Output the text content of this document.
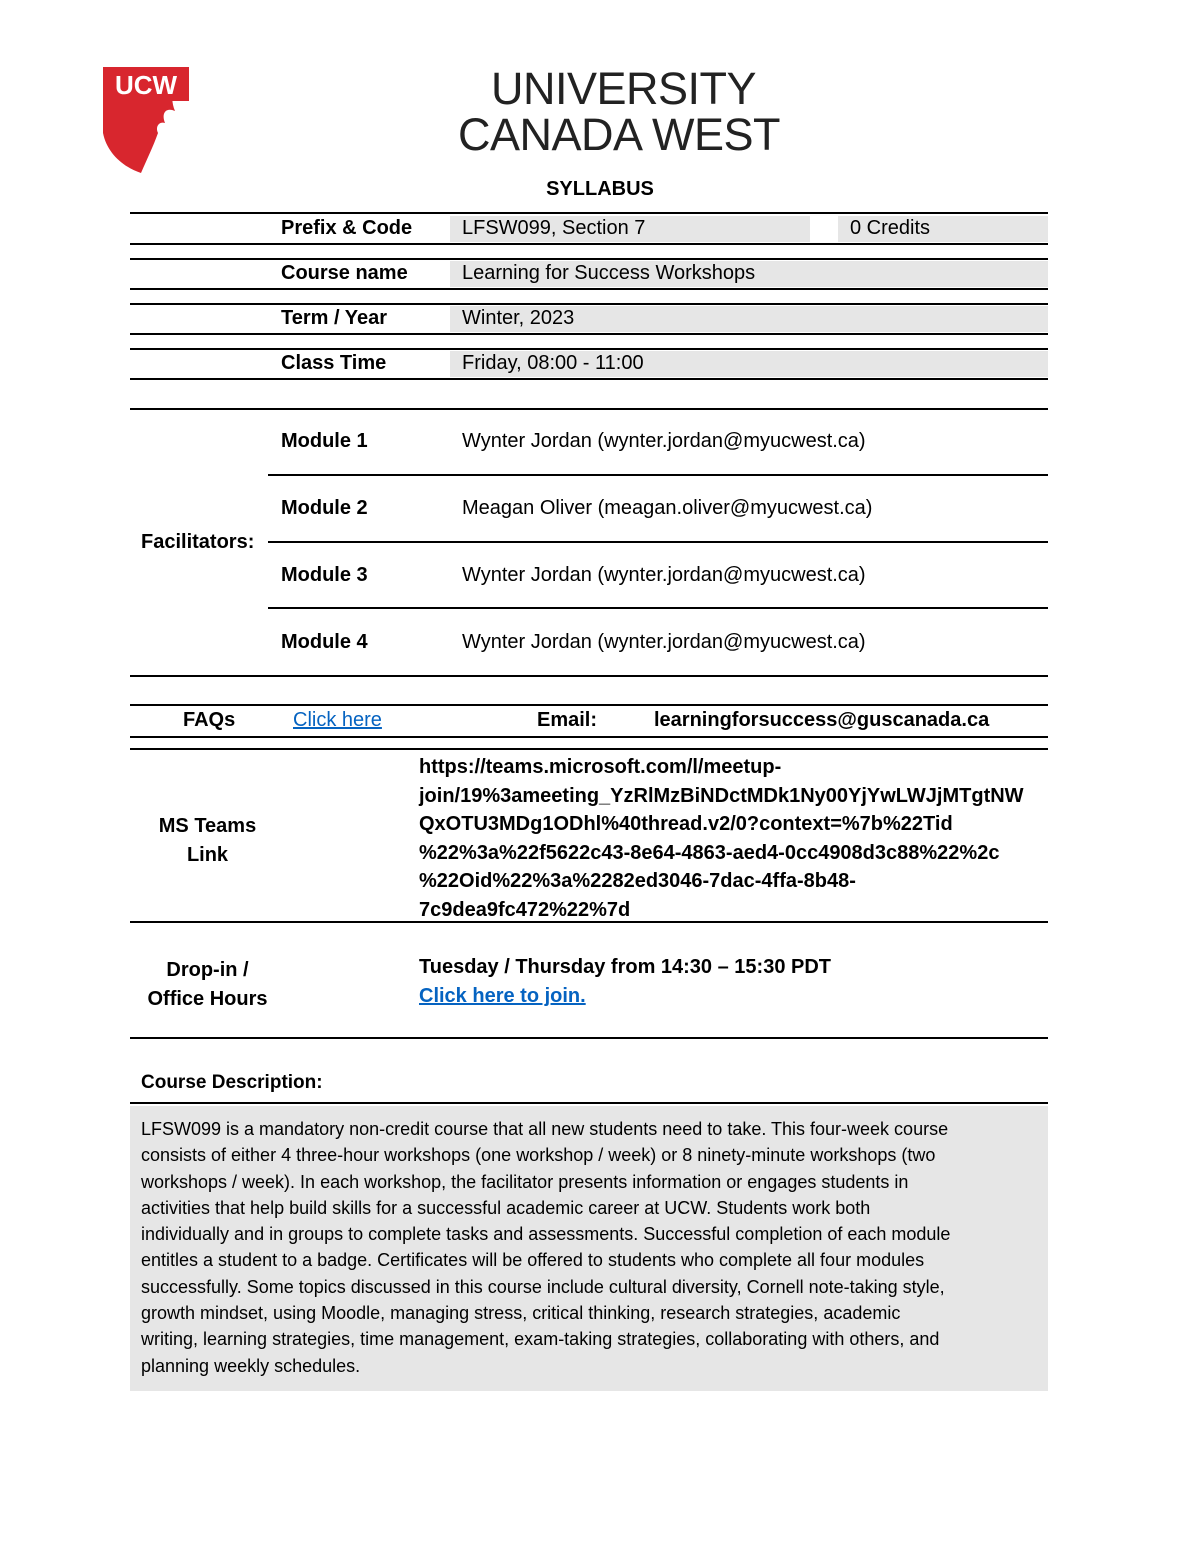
UCW	UNIVERSITY
CANADA WEST
SYLLABUS
Prefix & Code LFSW099, Section 7	0 Credits
Course name	Learning for Success Workshops
Term / Year	Winter, 2023
Class Time	Friday, 08:00 - 11:00
Facilitators:
Module 1	Wynter Jordan (wynter.jordan@myucwest.ca)
Module 2	Meagan Oliver (meagan.oliver@myucwest.ca)
Module 3	Wynter Jordan (wynter.jordan@myucwest.ca)
Module 4	Wynter Jordan (wynter.jordan@myucwest.ca)
FAQs	Click here	Email:	learningforsuccess@guscanada.ca
MS Teams
Link
https://teams.microsoft.com/l/meetup-
join/19%3ameeting_YzRlMzBiNDctMDk1Ny00YjYwLWJjMTgtNW
QxOTU3MDg1ODhl%40thread.v2/0?context=%7b%22Tid
%22%3a%22f5622c43-8e64-4863-aed4-0cc4908d3c88%22%2c
%22Oid%22%3a%2282ed3046-7dac-4ffa-8b48-
7c9dea9fc472%22%7d
Drop-in /
Office Hours
Tuesday / Thursday from 14:30 – 15:30 PDT
Click here to join.
Course Description:
LFSW099 is a mandatory non-credit course that all new students need to take. This four-week course
consists of either 4 three-hour workshops (one workshop / week) or 8 ninety-minute workshops (two
workshops / week). In each workshop, the facilitator presents information or engages students in
activities that help build skills for a successful academic career at UCW. Students work both
individually and in groups to complete tasks and assessments. Successful completion of each module
entitles a student to a badge. Certificates will be offered to students who complete all four modules
successfully. Some topics discussed in this course include cultural diversity, Cornell note-taking style,
growth mindset, using Moodle, managing stress, critical thinking, research strategies, academic
writing, learning strategies, time management, exam-taking strategies, collaborating with others, and
planning weekly schedules.
